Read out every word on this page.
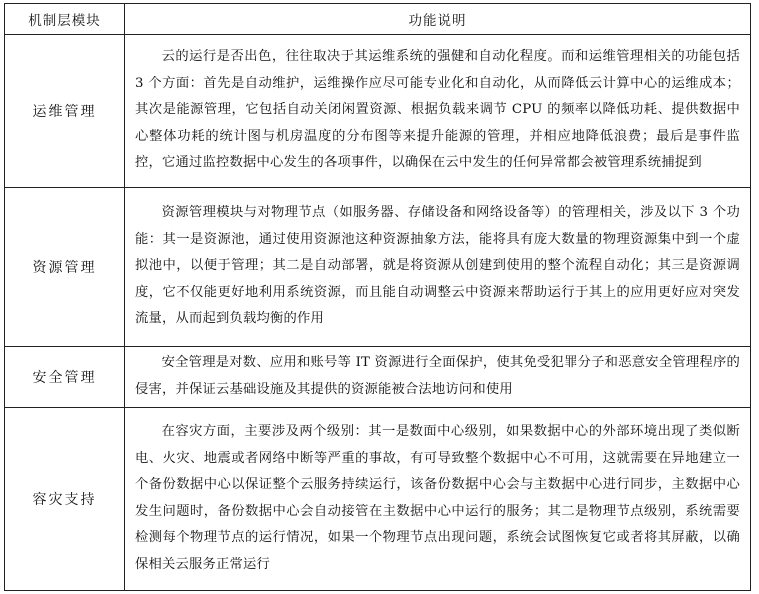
机制层模块	功能说明
运维管理	云的运行是否出色，往往取决于其运维系统的强健和自动化程度。而和运维管理相关的功能包括 3 个方面：首先是自动维护，运维操作应尽可能专业化和自动化，从而降低云计算中心的运维成本；其次是能源管理，它包括自动关闭闲置资源、根据负载来调节 CPU 的频率以降低功耗、提供数据中心整体功耗的统计图与机房温度的分布图等来提升能源的管理，并相应地降低浪费；最后是事件监控，它通过监控数据中心发生的各项事件，以确保在云中发生的任何异常都会被管理系统捕捉到
资源管理	资源管理模块与对物理节点（如服务器、存储设备和网络设备等）的管理相关，涉及以下 3 个功能：其一是资源池，通过使用资源池这种资源抽象方法，能将具有庞大数量的物理资源集中到一个虚拟池中，以便于管理；其二是自动部署，就是将资源从创建到使用的整个流程自动化；其三是资源调度，它不仅能更好地利用系统资源，而且能自动调整云中资源来帮助运行于其上的应用更好应对突发流量，从而起到负载均衡的作用
安全管理	安全管理是对数、应用和账号等 IT 资源进行全面保护，使其免受犯罪分子和恶意安全管理程序的侵害，并保证云基础设施及其提供的资源能被合法地访问和使用
容灾支持	在容灾方面，主要涉及两个级别：其一是数面中心级别，如果数据中心的外部环境出现了类似断电、火灾、地震或者网络中断等严重的事故，有可导致整个数据中心不可用，这就需要在异地建立一个备份数据中心以保证整个云服务持续运行，该备份数据中心会与主数据中心进行同步，主数据中心发生问题时，备份数据中心会自动接管在主数据中心中运行的服务；其二是物理节点级别，系统需要检测每个物理节点的运行情况，如果一个物理节点出现问题，系统会试图恢复它或者将其屏蔽，以确保相关云服务正常运行
